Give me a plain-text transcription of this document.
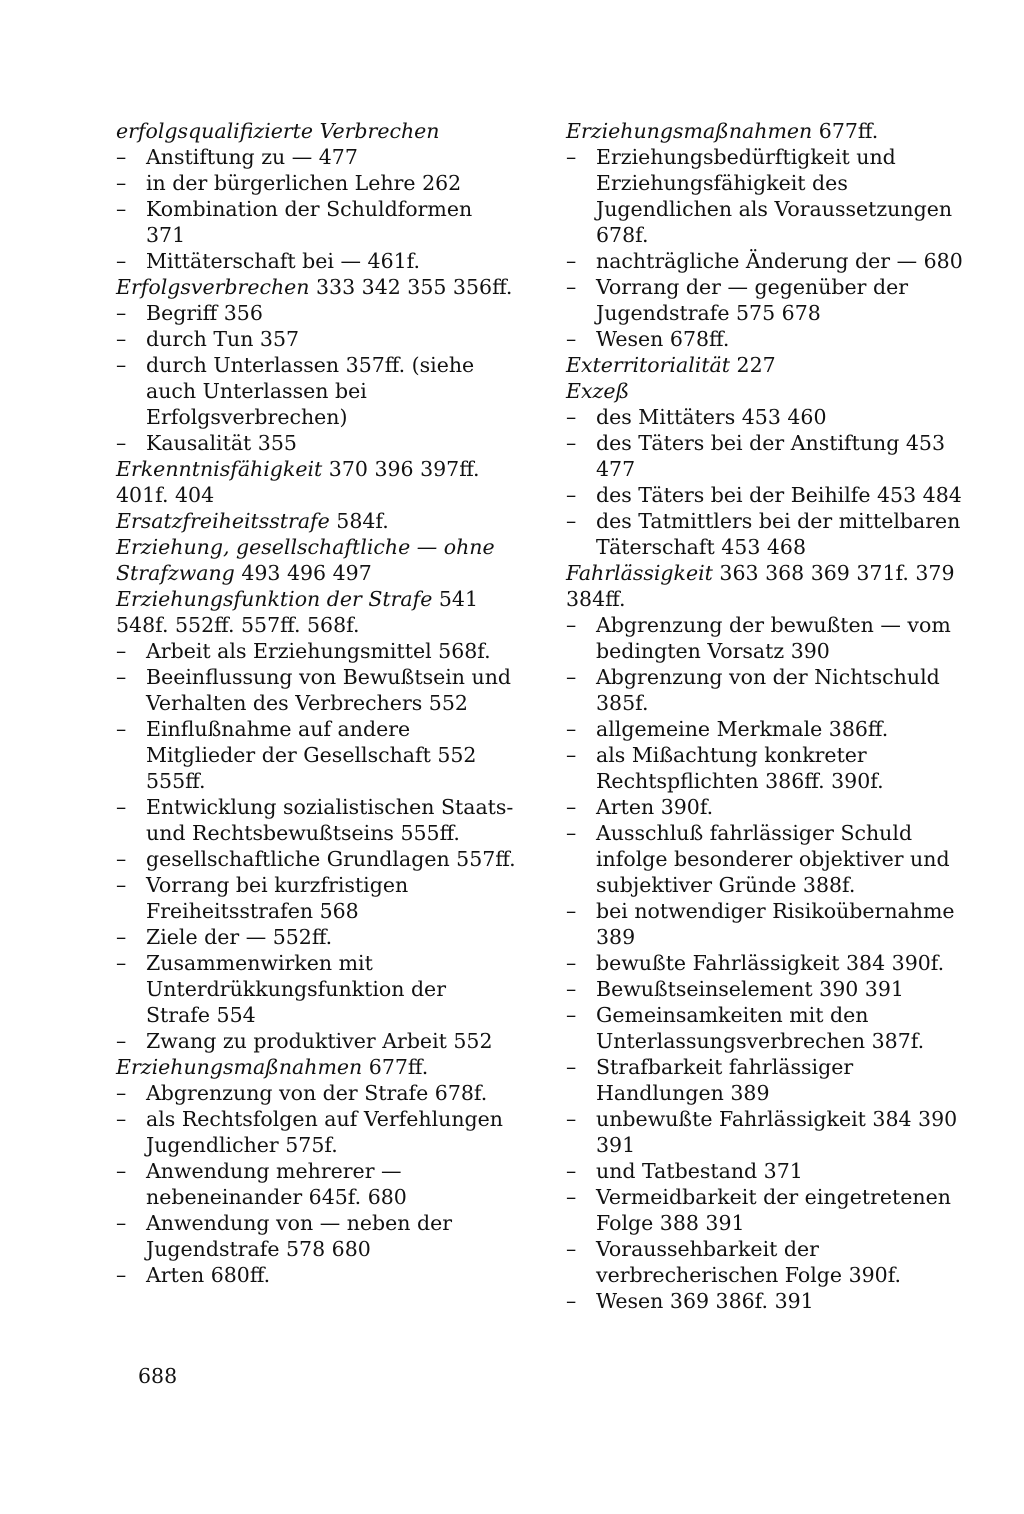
erfolgsqualifizierte Verbrechen

– Anstiftung zu — 477

– in der bürgerlichen Lehre 262

– Kombination der Schuldformen 371

– Mittäterschaft bei — 461f.

Erfolgsverbrechen 333 342 355 356ff.

– Begriff 356

– durch Tun 357

– durch Unterlassen 357ff. (siehe auch Unterlassen bei Erfolgsverbrechen)

– Kausalität 355

Erkenntnisfähigkeit 370 396 397ff. 401f. 404

Ersatzfreiheitsstrafe 584f.

Erziehung, gesellschaftliche — ohne Strafzwang 493 496 497

Erziehungsfunktion der Strafe 541 548f. 552ff. 557ff. 568f.

– Arbeit als Erziehungsmittel 568f.

– Beeinflussung von Bewußtsein und Verhalten des Verbrechers 552

– Einflußnahme auf andere Mitglieder der Gesellschaft 552 555ff.

– Entwicklung sozialistischen Staats- und Rechtsbewußtseins 555ff.

– gesellschaftliche Grundlagen 557ff.

– Vorrang bei kurzfristigen Freiheitsstrafen 568

– Ziele der — 552ff.

– Zusammenwirken mit Unterdrükkungsfunktion der Strafe 554

– Zwang zu produktiver Arbeit 552

Erziehungsmaßnahmen 677ff.

– Abgrenzung von der Strafe 678f.

– als Rechtsfolgen auf Verfehlungen Jugendlicher 575f.

– Anwendung mehrerer — nebeneinander 645f. 680

– Anwendung von — neben der Jugendstrafe 578 680

– Arten 680ff.

Erziehungsmaßnahmen 677ff.

– Erziehungsbedürftigkeit und Erziehungsfähigkeit des Jugendlichen als Voraussetzungen 678f.

– nachträgliche Änderung der — 680

– Vorrang der — gegenüber der Jugendstrafe 575 678

– Wesen 678ff.

Exterritorialität 227

Exzeß

– des Mittäters 453 460

– des Täters bei der Anstiftung 453 477

– des Täters bei der Beihilfe 453 484

– des Tatmittlers bei der mittelbaren Täterschaft 453 468

Fahrlässigkeit 363 368 369 371f. 379 384ff.

– Abgrenzung der bewußten — vom bedingten Vorsatz 390

– Abgrenzung von der Nichtschuld 385f.

– allgemeine Merkmale 386ff.

– als Mißachtung konkreter Rechtspflichten 386ff. 390f.

– Arten 390f.

– Ausschluß fahrlässiger Schuld infolge besonderer objektiver und subjektiver Gründe 388f.

– bei notwendiger Risikoübernahme 389

– bewußte Fahrlässigkeit 384 390f.

– Bewußtseinselement 390 391

– Gemeinsamkeiten mit den Unterlassungsverbrechen 387f.

– Strafbarkeit fahrlässiger Handlungen 389

– unbewußte Fahrlässigkeit 384 390 391

– und Tatbestand 371

– Vermeidbarkeit der eingetretenen Folge 388 391

– Voraussehbarkeit der verbrecherischen Folge 390f.

– Wesen 369 386f. 391

688
